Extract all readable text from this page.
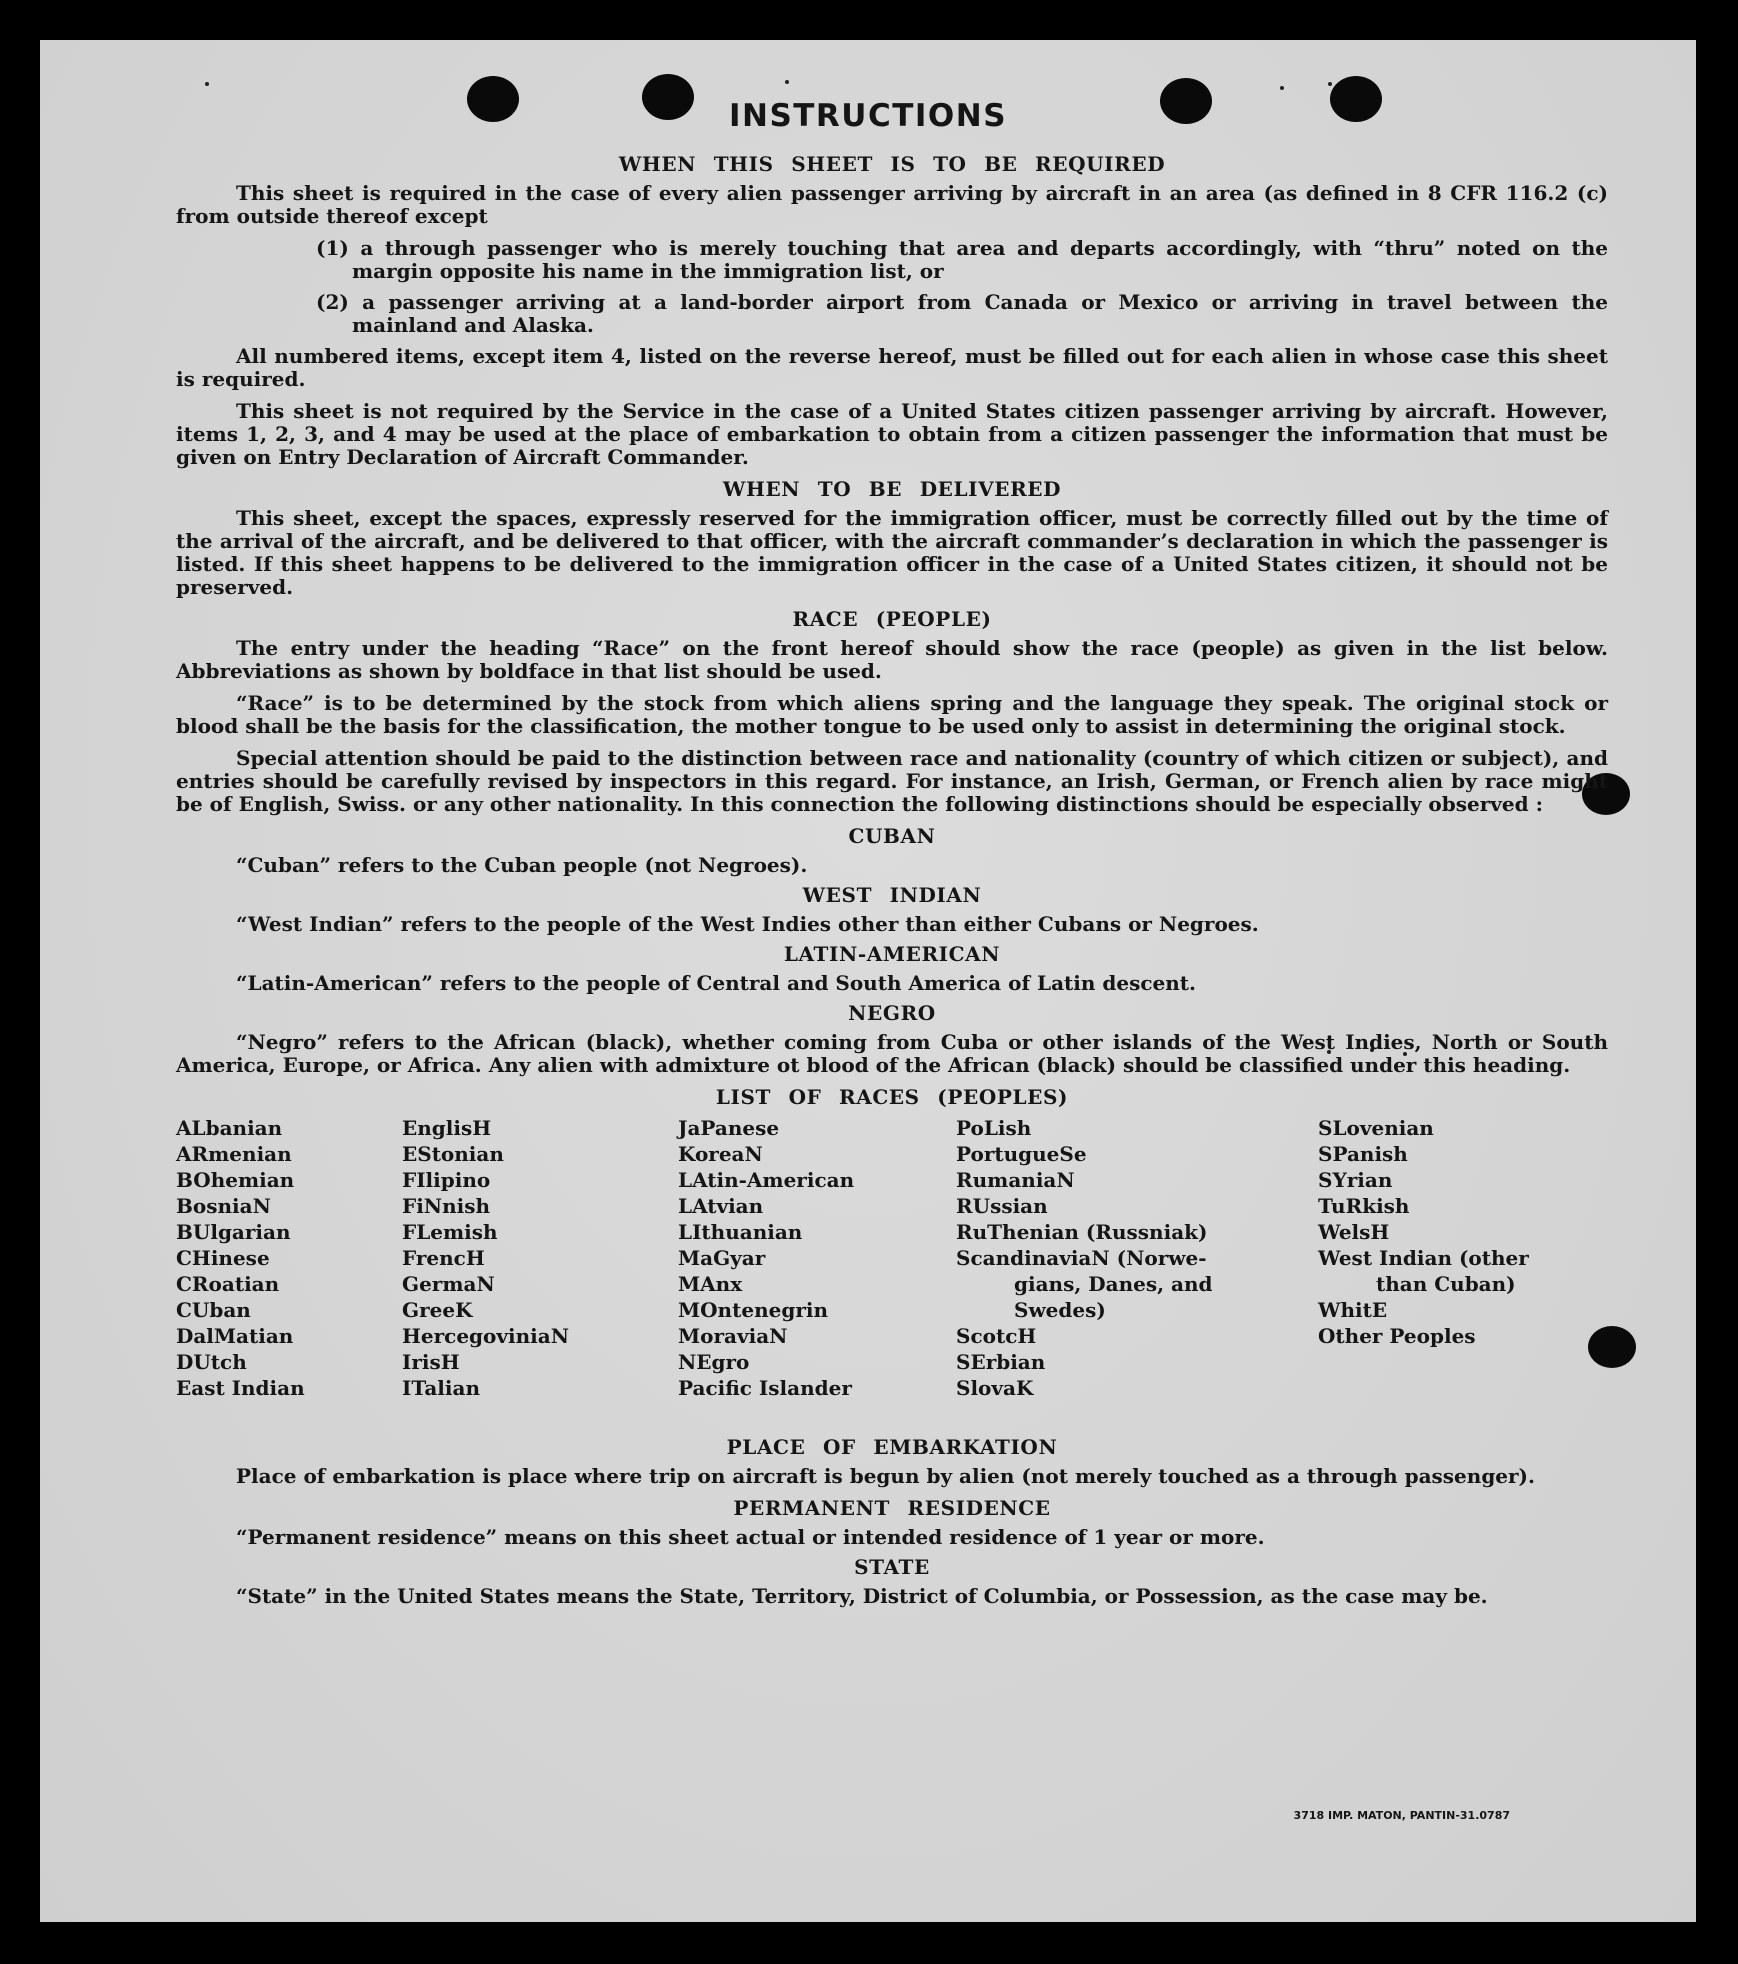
INSTRUCTIONS
WHEN THIS SHEET IS TO BE REQUIRED
This sheet is required in the case of every alien passenger arriving by aircraft in an area (as defined in 8 CFR 116.2 (c) from outside thereof except
(1) a through passenger who is merely touching that area and departs accordingly, with “thru” noted on the margin opposite his name in the immigration list, or
(2) a passenger arriving at a land-border airport from Canada or Mexico or arriving in travel between the mainland and Alaska.
All numbered items, except item 4, listed on the reverse hereof, must be filled out for each alien in whose case this sheet is required.
This sheet is not required by the Service in the case of a United States citizen passenger arriving by aircraft. However, items 1, 2, 3, and 4 may be used at the place of embarkation to obtain from a citizen passenger the information that must be given on Entry Declaration of Aircraft Commander.
WHEN TO BE DELIVERED
This sheet, except the spaces, expressly reserved for the immigration officer, must be correctly filled out by the time of the arrival of the aircraft, and be delivered to that officer, with the aircraft commander’s declaration in which the passenger is listed. If this sheet happens to be delivered to the immigration officer in the case of a United States citizen, it should not be preserved.
RACE (PEOPLE)
The entry under the heading “Race” on the front hereof should show the race (people) as given in the list below. Abbreviations as shown by boldface in that list should be used.
“Race” is to be determined by the stock from which aliens spring and the language they speak. The original stock or blood shall be the basis for the classification, the mother tongue to be used only to assist in determining the original stock.
Special attention should be paid to the distinction between race and nationality (country of which citizen or subject), and entries should be carefully revised by inspectors in this regard. For instance, an Irish, German, or French alien by race might be of English, Swiss. or any other nationality. In this connection the following distinctions should be especially observed :
CUBAN
“Cuban” refers to the Cuban people (not Negroes).
WEST INDIAN
“West Indian” refers to the people of the West Indies other than either Cubans or Negroes.
LATIN-AMERICAN
“Latin-American” refers to the people of Central and South America of Latin descent.
NEGRO
“Negro” refers to the African (black), whether coming from Cuba or other islands of the West Indies, North or South America, Europe, or Africa. Any alien with admixture ot blood of the African (black) should be classified under this heading.
LIST OF RACES (PEOPLES)
ALbanian
ARmenian
BOhemian
BosniaN
BUlgarian
CHinese
CRoatian
CUban
DalMatian
DUtch
East Indian
EnglisH
EStonian
FIlipino
FiNnish
FLemish
FrencH
GermaN
GreeK
HercegoviniaN
IrisH
ITalian
JaPanese
KoreaN
LAtin-American
LAtvian
LIthuanian
MaGyar
MAnx
MOntenegrin
MoraviaN
NEgro
Pacific Islander
PoLish
PortugueSe
RumaniaN
RUssian
RuThenian (Russniak)
ScandinaviaN (Norwe-
gians, Danes, and
Swedes)
ScotcH
SErbian
SlovaK
SLovenian
SPanish
SYrian
TuRkish
WelsH
West Indian (other
than Cuban)
WhitE
Other Peoples
PLACE OF EMBARKATION
Place of embarkation is place where trip on aircraft is begun by alien (not merely touched as a through passenger).
PERMANENT RESIDENCE
“Permanent residence” means on this sheet actual or intended residence of 1 year or more.
STATE
“State” in the United States means the State, Territory, District of Columbia, or Possession, as the case may be.
3718 IMP. MATON, PANTIN-31.0787
